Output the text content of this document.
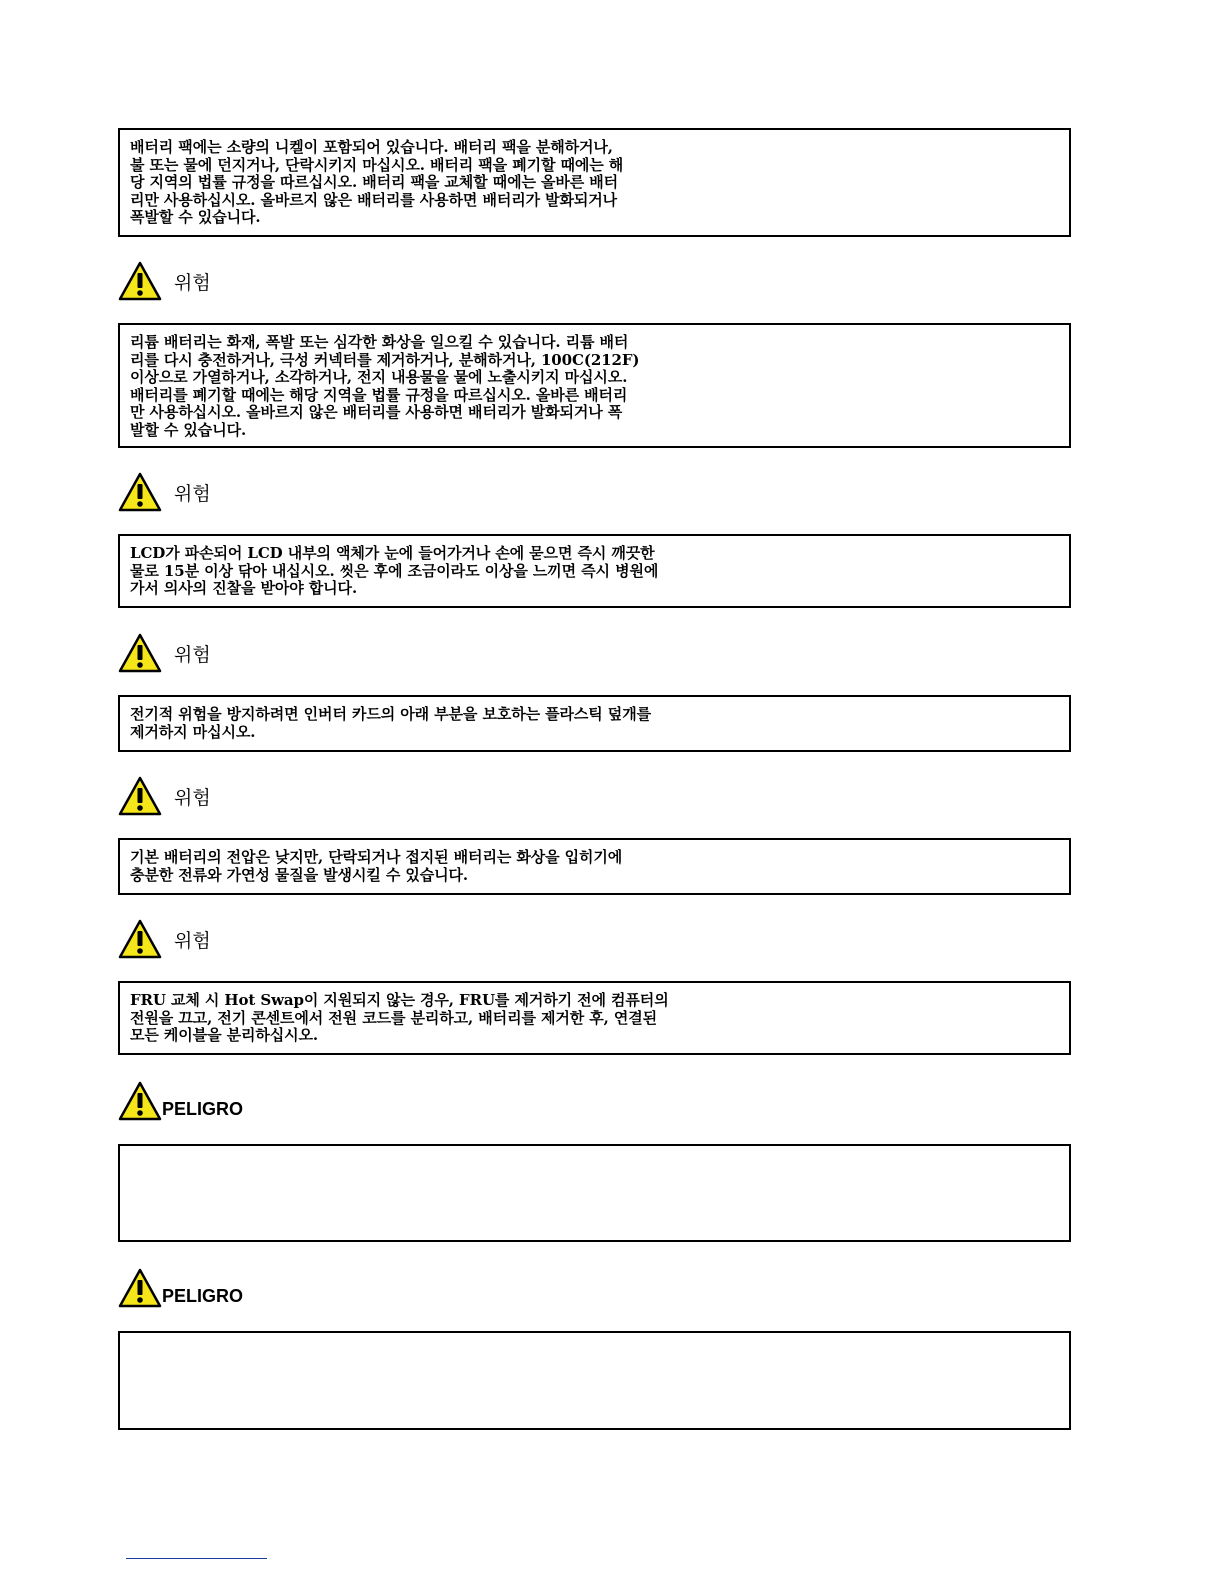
배터리 팩에는 소량의 니켈이 포함되어 있습니다. 배터리 팩을 분해하거나,
불 또는 물에 던지거나, 단락시키지 마십시오. 배터리 팩을 폐기할 때에는 해
당 지역의 법률 규정을 따르십시오. 배터리 팩을 교체할 때에는 올바른 배터
리만 사용하십시오. 올바르지 않은 배터리를 사용하면 배터리가 발화되거나
폭발할 수 있습니다.
위험
리튬 배터리는 화재, 폭발 또는 심각한 화상을 일으킬 수 있습니다. 리튬 배터
리를 다시 충전하거나, 극성 커넥터를 제거하거나, 분해하거나, 100C(212F)
이상으로 가열하거나, 소각하거나, 전지 내용물을 물에 노출시키지 마십시오.
배터리를 폐기할 때에는 해당 지역을 법률 규정을 따르십시오. 올바른 배터리
만 사용하십시오. 올바르지 않은 배터리를 사용하면 배터리가 발화되거나 폭
발할 수 있습니다.
위험
LCD가 파손되어 LCD 내부의 액체가 눈에 들어가거나 손에 묻으면 즉시 깨끗한
물로 15분 이상 닦아 내십시오. 씻은 후에 조금이라도 이상을 느끼면 즉시 병원에
가서 의사의 진찰을 받아야 합니다.
위험
전기적 위험을 방지하려면 인버터 카드의 아래 부분을 보호하는 플라스틱 덮개를
제거하지 마십시오.
위험
기본 배터리의 전압은 낮지만, 단락되거나 접지된 배터리는 화상을 입히기에
충분한 전류와 가연성 물질을 발생시킬 수 있습니다.
위험
FRU 교체 시 Hot Swap이 지원되지 않는 경우, FRU를 제거하기 전에 컴퓨터의
전원을 끄고, 전기 콘센트에서 전원 코드를 분리하고, 배터리를 제거한 후, 연결된
모든 케이블을 분리하십시오.
PELIGRO
PELIGRO
